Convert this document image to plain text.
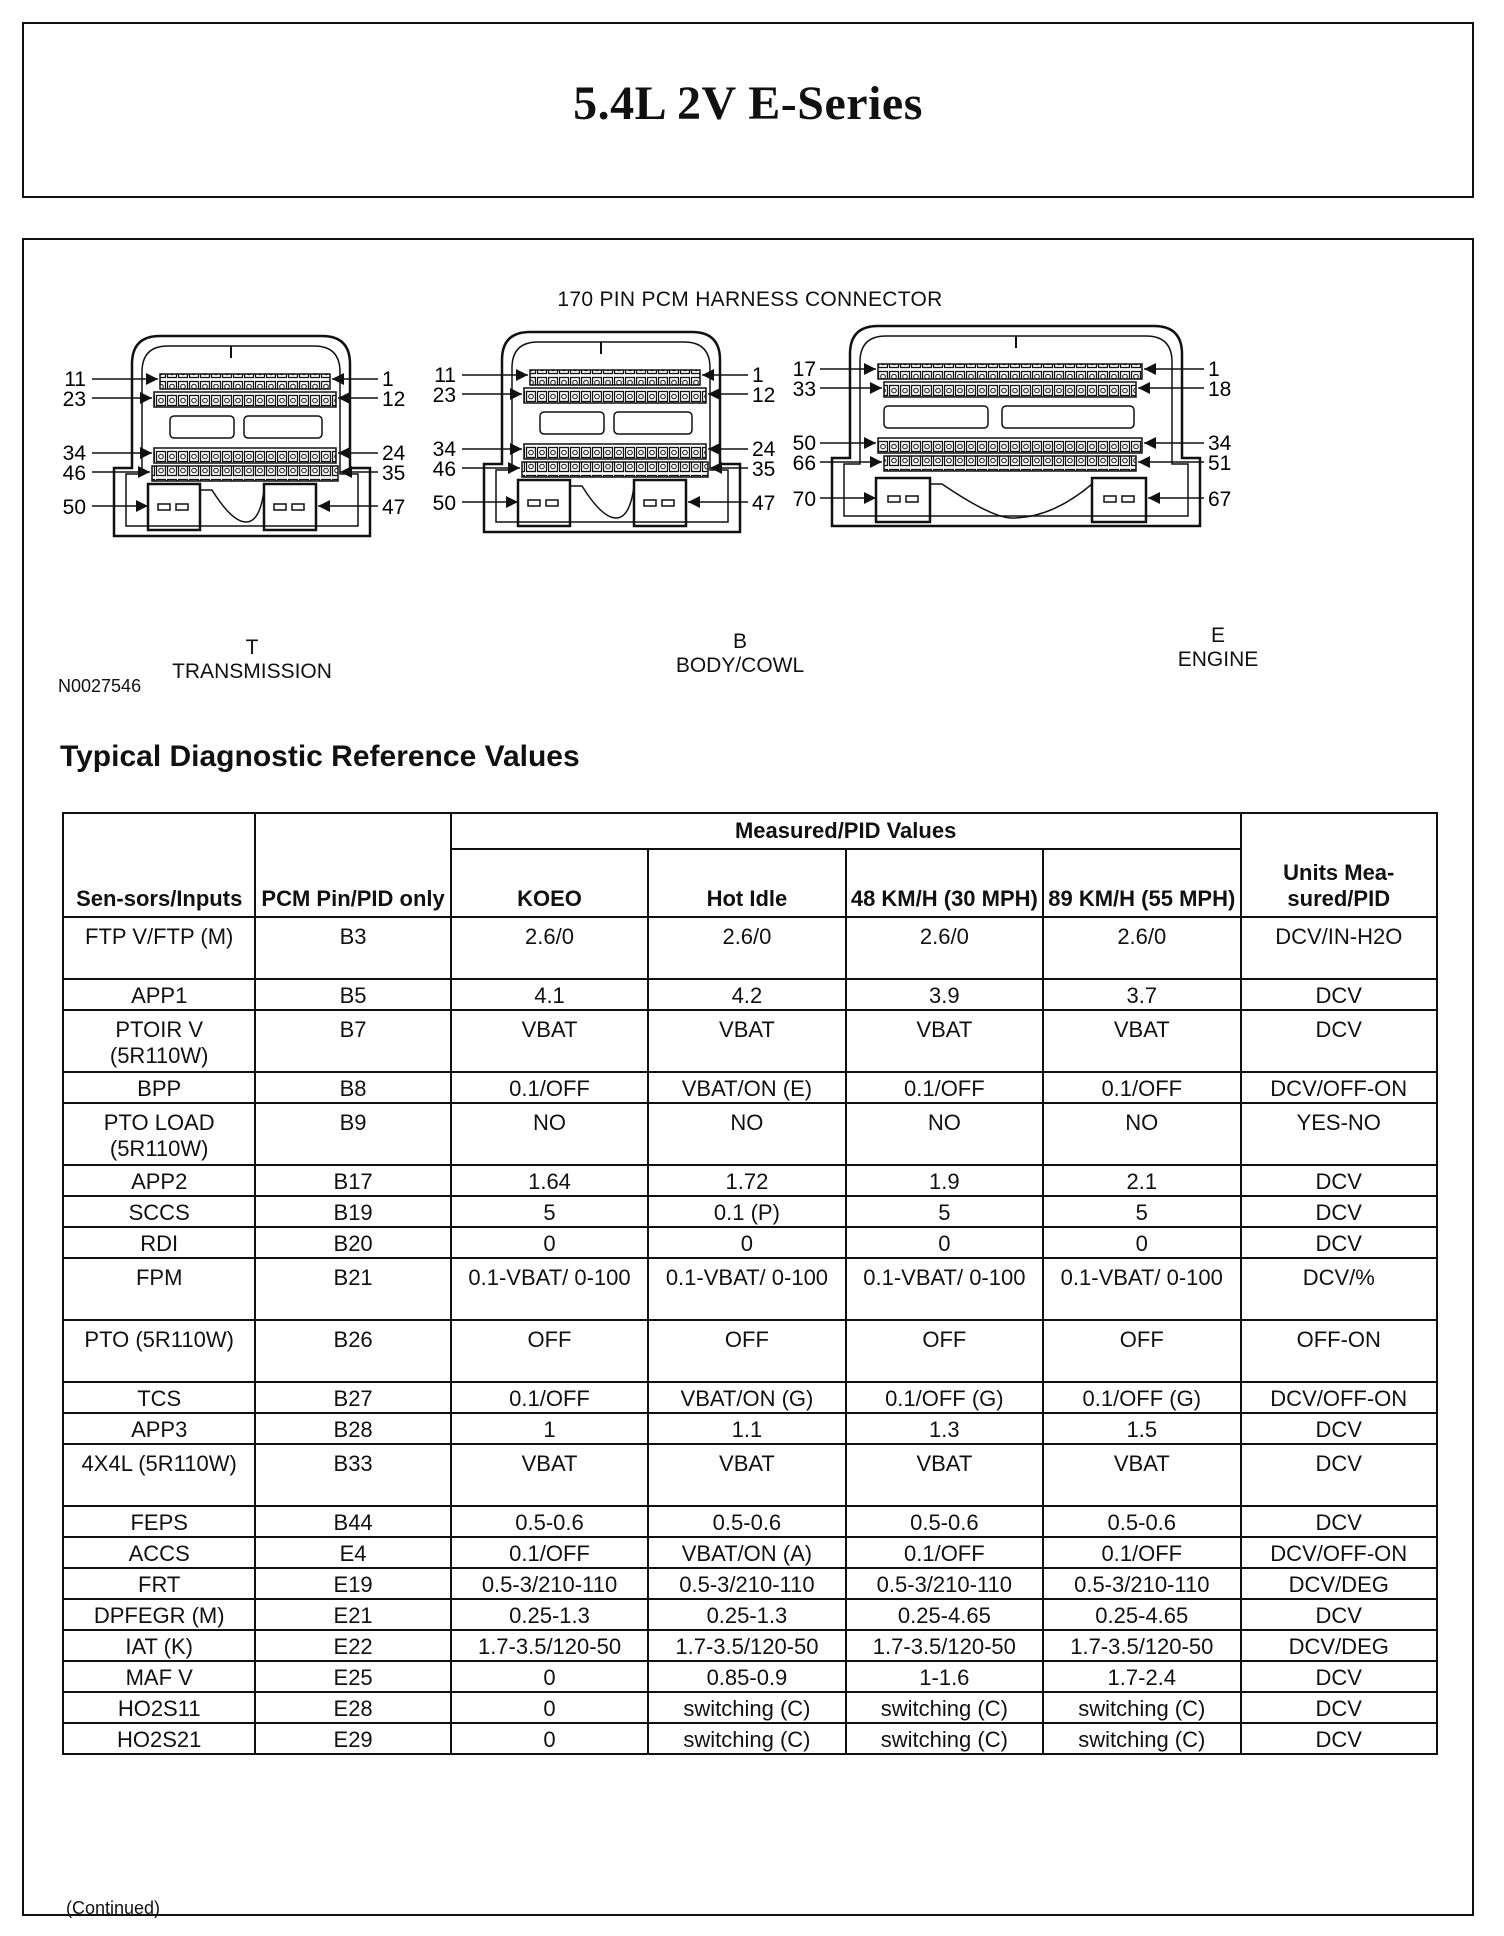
5.4L 2V E-Series
170 PIN PCM HARNESS CONNECTOR
11
23
34
46
50
1
12
24
35
47
11
23
34
46
50
1
12
24
35
47
17
33
50
66
70
1
18
34
51
67
T
TRANSMISSION
B
BODY/COWL
E
ENGINE
N0027546
Typical Diagnostic Reference Values
Sen-sors/Inputs	PCM Pin/PID only	Measured/PID Values				Units Mea-sured/PID
		KOEO	Hot Idle	48 KM/H (30 MPH)	89 KM/H (55 MPH)	
FTP V/FTP (M)	B3	2.6/0	2.6/0	2.6/0	2.6/0	DCV/IN-H2O
APP1	B5	4.1	4.2	3.9	3.7	DCV
PTOIR V (5R110W)	B7	VBAT	VBAT	VBAT	VBAT	DCV
BPP	B8	0.1/OFF	VBAT/ON (E)	0.1/OFF	0.1/OFF	DCV/OFF-ON
PTO LOAD (5R110W)	B9	NO	NO	NO	NO	YES-NO
APP2	B17	1.64	1.72	1.9	2.1	DCV
SCCS	B19	5	0.1 (P)	5	5	DCV
RDI	B20	0	0	0	0	DCV
FPM	B21	0.1-VBAT/ 0-100	0.1-VBAT/ 0-100	0.1-VBAT/ 0-100	0.1-VBAT/ 0-100	DCV/%
PTO (5R110W)	B26	OFF	OFF	OFF	OFF	OFF-ON
TCS	B27	0.1/OFF	VBAT/ON (G)	0.1/OFF (G)	0.1/OFF (G)	DCV/OFF-ON
APP3	B28	1	1.1	1.3	1.5	DCV
4X4L (5R110W)	B33	VBAT	VBAT	VBAT	VBAT	DCV
FEPS	B44	0.5-0.6	0.5-0.6	0.5-0.6	0.5-0.6	DCV
ACCS	E4	0.1/OFF	VBAT/ON (A)	0.1/OFF	0.1/OFF	DCV/OFF-ON
FRT	E19	0.5-3/210-110	0.5-3/210-110	0.5-3/210-110	0.5-3/210-110	DCV/DEG
DPFEGR (M)	E21	0.25-1.3	0.25-1.3	0.25-4.65	0.25-4.65	DCV
IAT (K)	E22	1.7-3.5/120-50	1.7-3.5/120-50	1.7-3.5/120-50	1.7-3.5/120-50	DCV/DEG
MAF V	E25	0	0.85-0.9	1-1.6	1.7-2.4	DCV
HO2S11	E28	0	switching (C)	switching (C)	switching (C)	DCV
HO2S21	E29	0	switching (C)	switching (C)	switching (C)	DCV
(Continued)
